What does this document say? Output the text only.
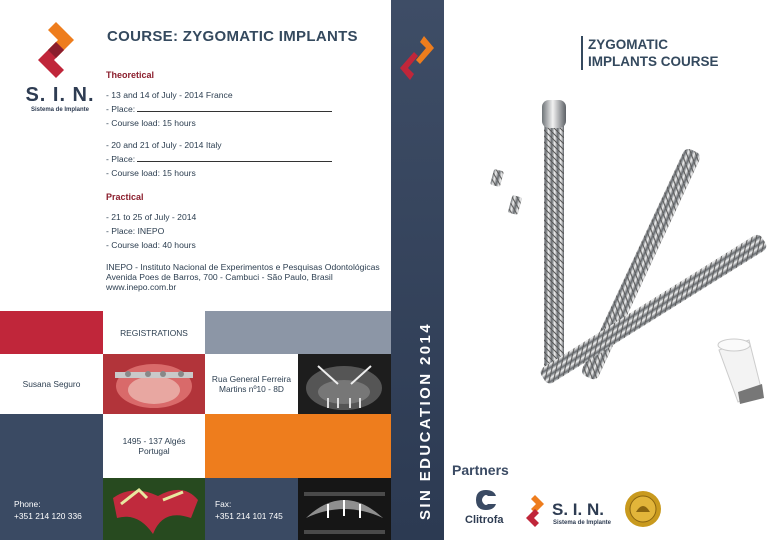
S. I. N.
Sistema de Implante
COURSE: ZYGOMATIC IMPLANTS
Theoretical
- 13 and 14 of July - 2014 France
- Place:
- Course load: 15 hours
- 20 and 21 of July - 2014 Italy
- Place:
- Course load: 15 hours
Practical
- 21 to 25 of July - 2014
- Place: INEPO
- Course load: 40 hours
INEPO - Instituto Nacional de Experimentos e Pesquisas Odontológicas
Avenida Poes de Barros, 700 - Cambuci - São Paulo, Brasil
www.inepo.com.br
REGISTRATIONS
Susana Seguro	Rua General Ferreira Martins nº10 - 8D
1495 - 137 Algés Portugal
Phone:
+351 214 120 336
Fax:
+351 214 101 745	SIN EDUCATION 2014
ZYGOMATIC
IMPLANTS COURSE
Partners
Clitrofa
S. I. N.
Sistema de Implante
